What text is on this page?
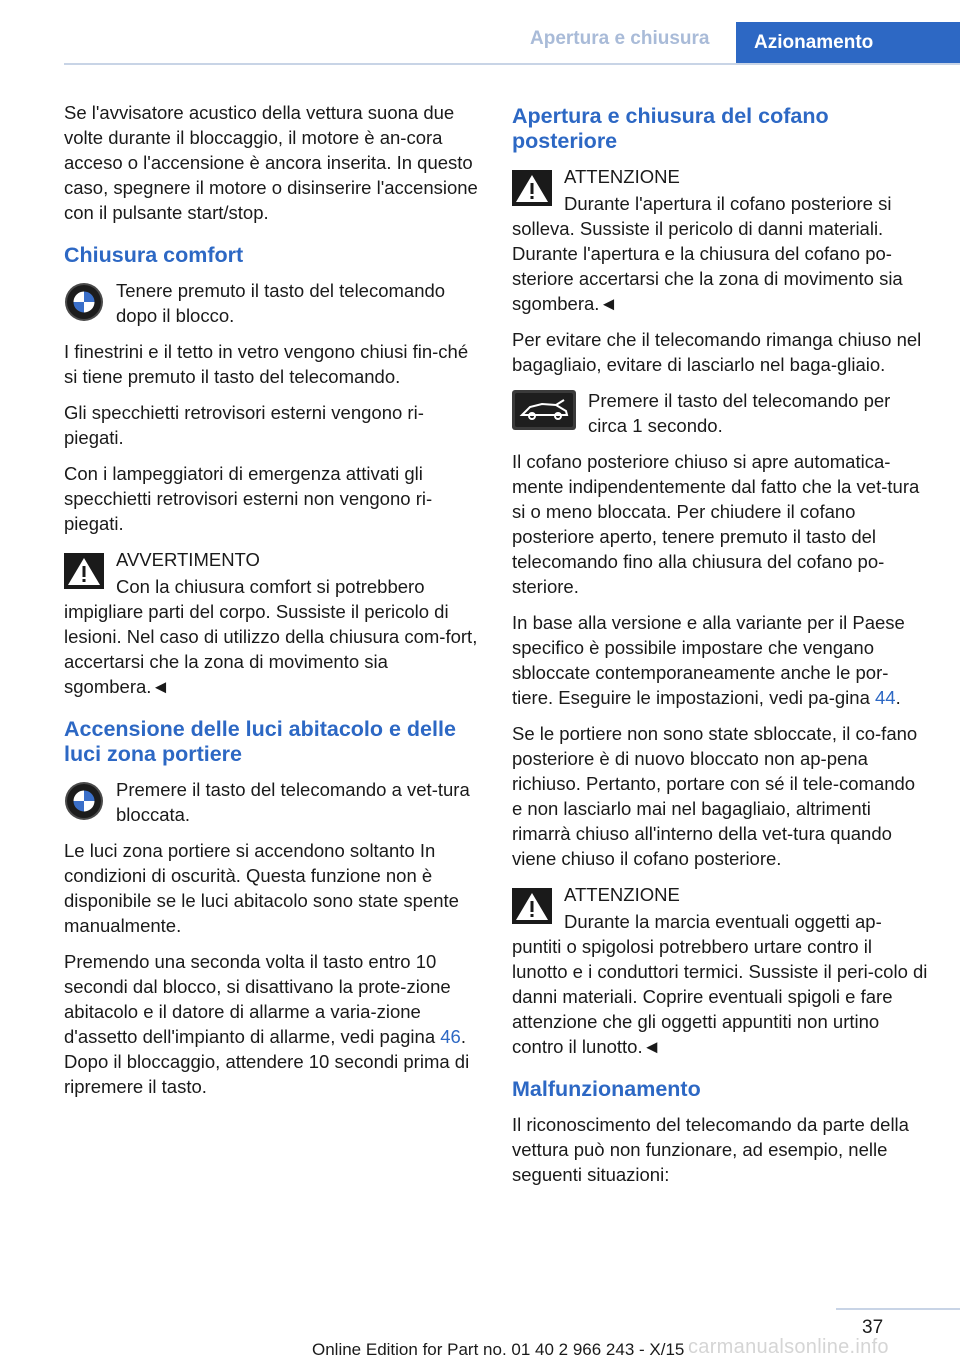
Apertura e chiusura	Azionamento

Se l'avvisatore acustico della vettura suona due volte durante il bloccaggio, il motore è an-cora acceso o l'accensione è ancora inserita. In questo caso, spegnere il motore o disinserire l'accensione con il pulsante start/stop.

Chiusura comfort
Tenere premuto il tasto del telecomando dopo il blocco.

I finestrini e il tetto in vetro vengono chiusi fin-ché si tiene premuto il tasto del telecomando.

Gli specchietti retrovisori esterni vengono ri-piegati.

Con i lampeggiatori di emergenza attivati gli specchietti retrovisori esterni non vengono ri-piegati.

AVVERTIMENTO
Con la chiusura comfort si potrebbero impigliare parti del corpo. Sussiste il pericolo di lesioni. Nel caso di utilizzo della chiusura com-fort, accertarsi che la zona di movimento sia sgombera.◄
Accensione delle luci abitacolo e delle luci zona portiere
Premere il tasto del telecomando a vet-tura bloccata.

Le luci zona portiere si accendono soltanto In condizioni di oscurità. Questa funzione non è disponibile se le luci abitacolo sono state spente manualmente.

Premendo una seconda volta il tasto entro 10 secondi dal blocco, si disattivano la prote-zione abitacolo e il datore di allarme a varia-zione d'assetto dell'impianto di allarme, vedi pagina 46. Dopo il bloccaggio, attendere 10 secondi prima di ripremere il tasto.

Apertura e chiusura del cofano posteriore
ATTENZIONE
Durante l'apertura il cofano posteriore si solleva. Sussiste il pericolo di danni materiali. Durante l'apertura e la chiusura del cofano po-steriore accertarsi che la zona di movimento sia sgombera.◄

Per evitare che il telecomando rimanga chiuso nel bagagliaio, evitare di lasciarlo nel baga-gliaio.

Premere il tasto del telecomando per circa 1 secondo.

Il cofano posteriore chiuso si apre automatica-mente indipendentemente dal fatto che la vet-tura si o meno bloccata. Per chiudere il cofano posteriore aperto, tenere premuto il tasto del telecomando fino alla chiusura del cofano po-steriore.

In base alla versione e alla variante per il Paese specifico è possibile impostare che vengano sbloccate contemporaneamente anche le por-tiere. Eseguire le impostazioni, vedi pa-gina 44.

Se le portiere non sono state sbloccate, il co-fano posteriore è di nuovo bloccato non ap-pena richiuso. Pertanto, portare con sé il tele-comando e non lasciarlo mai nel bagagliaio, altrimenti rimarrà chiuso all'interno della vet-tura quando viene chiuso il cofano posteriore.

ATTENZIONE
Durante la marcia eventuali oggetti ap-puntiti o spigolosi potrebbero urtare contro il lunotto e i conduttori termici. Sussiste il peri-colo di danni materiali. Coprire eventuali spigoli e fare attenzione che gli oggetti appuntiti non urtino contro il lunotto.◄
Malfunzionamento

Il riconoscimento del telecomando da parte della vettura può non funzionare, ad esempio, nelle seguenti situazioni:

37
carmanualsonline.info
Online Edition for Part no. 01 40 2 966 243 - X/15
